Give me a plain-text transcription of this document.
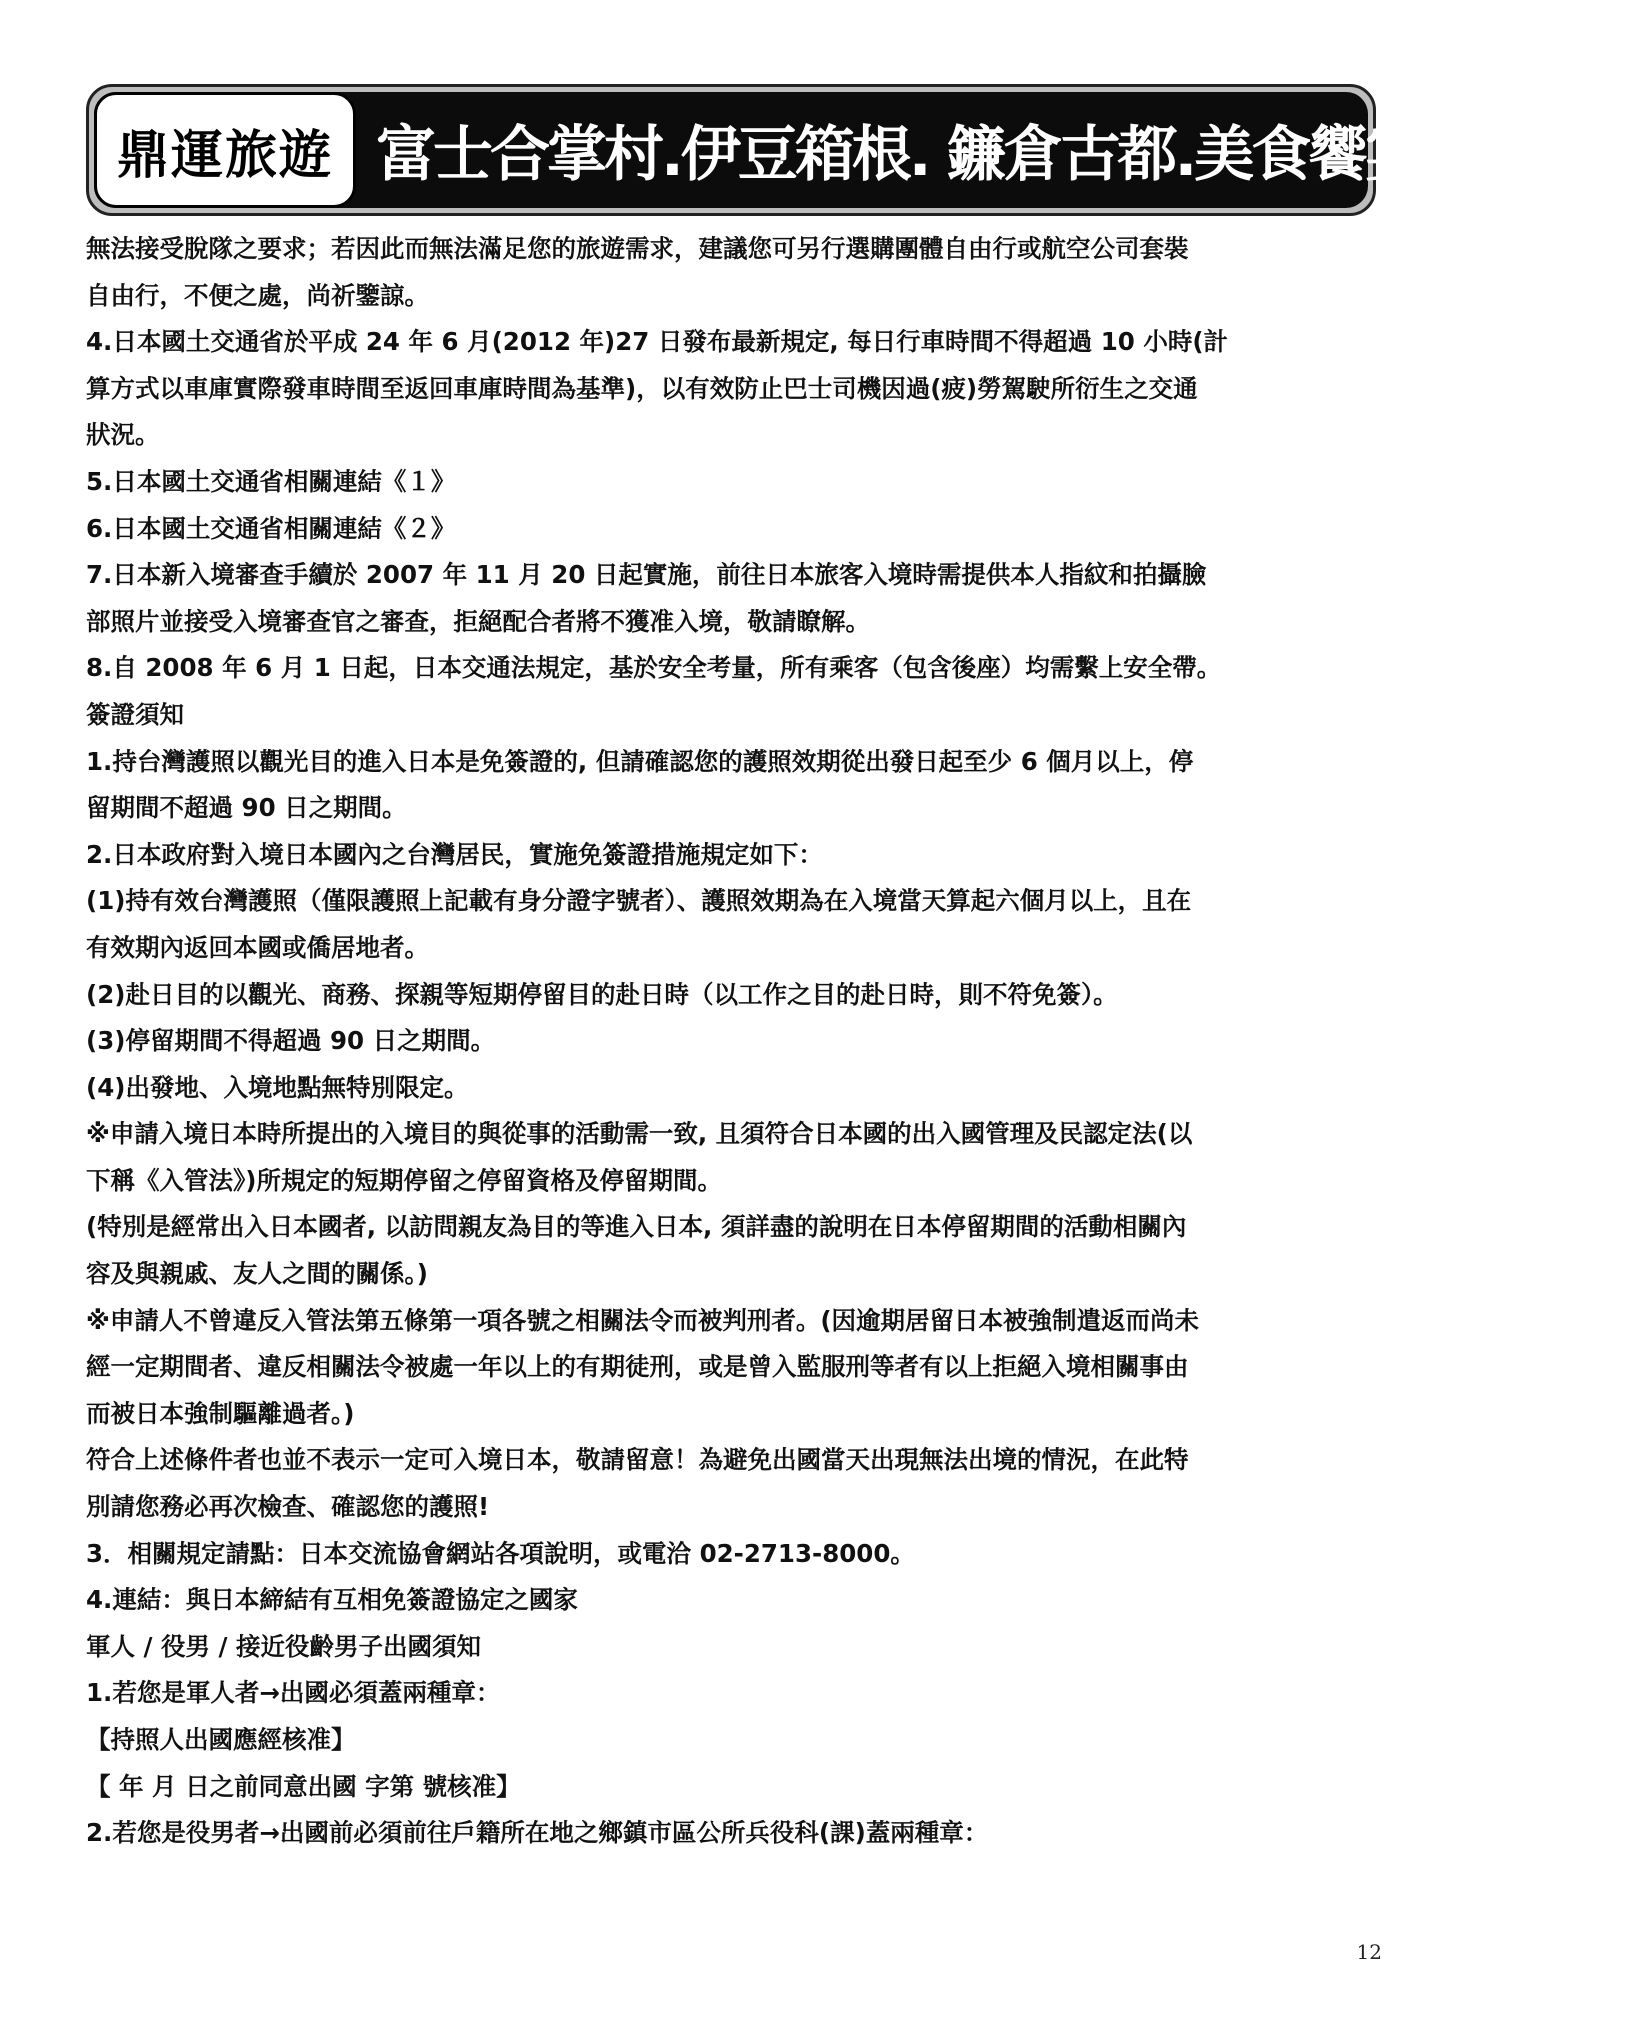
鼎運旅遊 富士合掌村.伊豆箱根. 鐮倉古都.美食饗宴溫泉五日
無法接受脫隊之要求；若因此而無法滿足您的旅遊需求，建議您可另行選購團體自由行或航空公司套裝
自由行，不便之處，尚祈鑒諒。
4.日本國土交通省於平成 24 年 6 月(2012 年)27 日發布最新規定, 每日行車時間不得超過 10 小時(計
算方式以車庫實際發車時間至返回車庫時間為基準)，以有效防止巴士司機因過(疲)勞駕駛所衍生之交通
狀況。
5.日本國土交通省相關連結《１》
6.日本國土交通省相關連結《２》
7.日本新入境審查手續於 2007 年 11 月 20 日起實施，前往日本旅客入境時需提供本人指紋和拍攝臉
部照片並接受入境審查官之審查，拒絕配合者將不獲准入境，敬請瞭解。
8.自 2008 年 6 月 1 日起，日本交通法規定，基於安全考量，所有乘客（包含後座）均需繫上安全帶。
簽證須知
1.持台灣護照以觀光目的進入日本是免簽證的, 但請確認您的護照效期從出發日起至少 6 個月以上，停
留期間不超過 90 日之期間。
2.日本政府對入境日本國內之台灣居民，實施免簽證措施規定如下：
(1)持有效台灣護照（僅限護照上記載有身分證字號者）、護照效期為在入境當天算起六個月以上，且在
有效期內返回本國或僑居地者。
(2)赴日目的以觀光、商務、探親等短期停留目的赴日時（以工作之目的赴日時，則不符免簽）。
(3)停留期間不得超過 90 日之期間。
(4)出發地、入境地點無特別限定。
※申請入境日本時所提出的入境目的與從事的活動需一致, 且須符合日本國的出入國管理及民認定法(以
下稱《入管法》)所規定的短期停留之停留資格及停留期間。
(特別是經常出入日本國者, 以訪問親友為目的等進入日本, 須詳盡的說明在日本停留期間的活動相關內
容及與親戚、友人之間的關係。)
※申請人不曾違反入管法第五條第一項各號之相關法令而被判刑者。(因逾期居留日本被強制遣返而尚未
經一定期間者、違反相關法令被處一年以上的有期徒刑，或是曾入監服刑等者有以上拒絕入境相關事由
而被日本強制驅離過者。)
符合上述條件者也並不表示一定可入境日本，敬請留意！為避免出國當天出現無法出境的情況，在此特
別請您務必再次檢查、確認您的護照!
3．相關規定請點：日本交流協會網站各項說明，或電洽 02-2713-8000。
4.連結：與日本締結有互相免簽證協定之國家
軍人 / 役男 / 接近役齡男子出國須知
1.若您是軍人者→出國必須蓋兩種章：
【持照人出國應經核准】
【 年 月 日之前同意出國 字第 號核准】
2.若您是役男者→出國前必須前往戶籍所在地之鄉鎮市區公所兵役科(課)蓋兩種章：
12
